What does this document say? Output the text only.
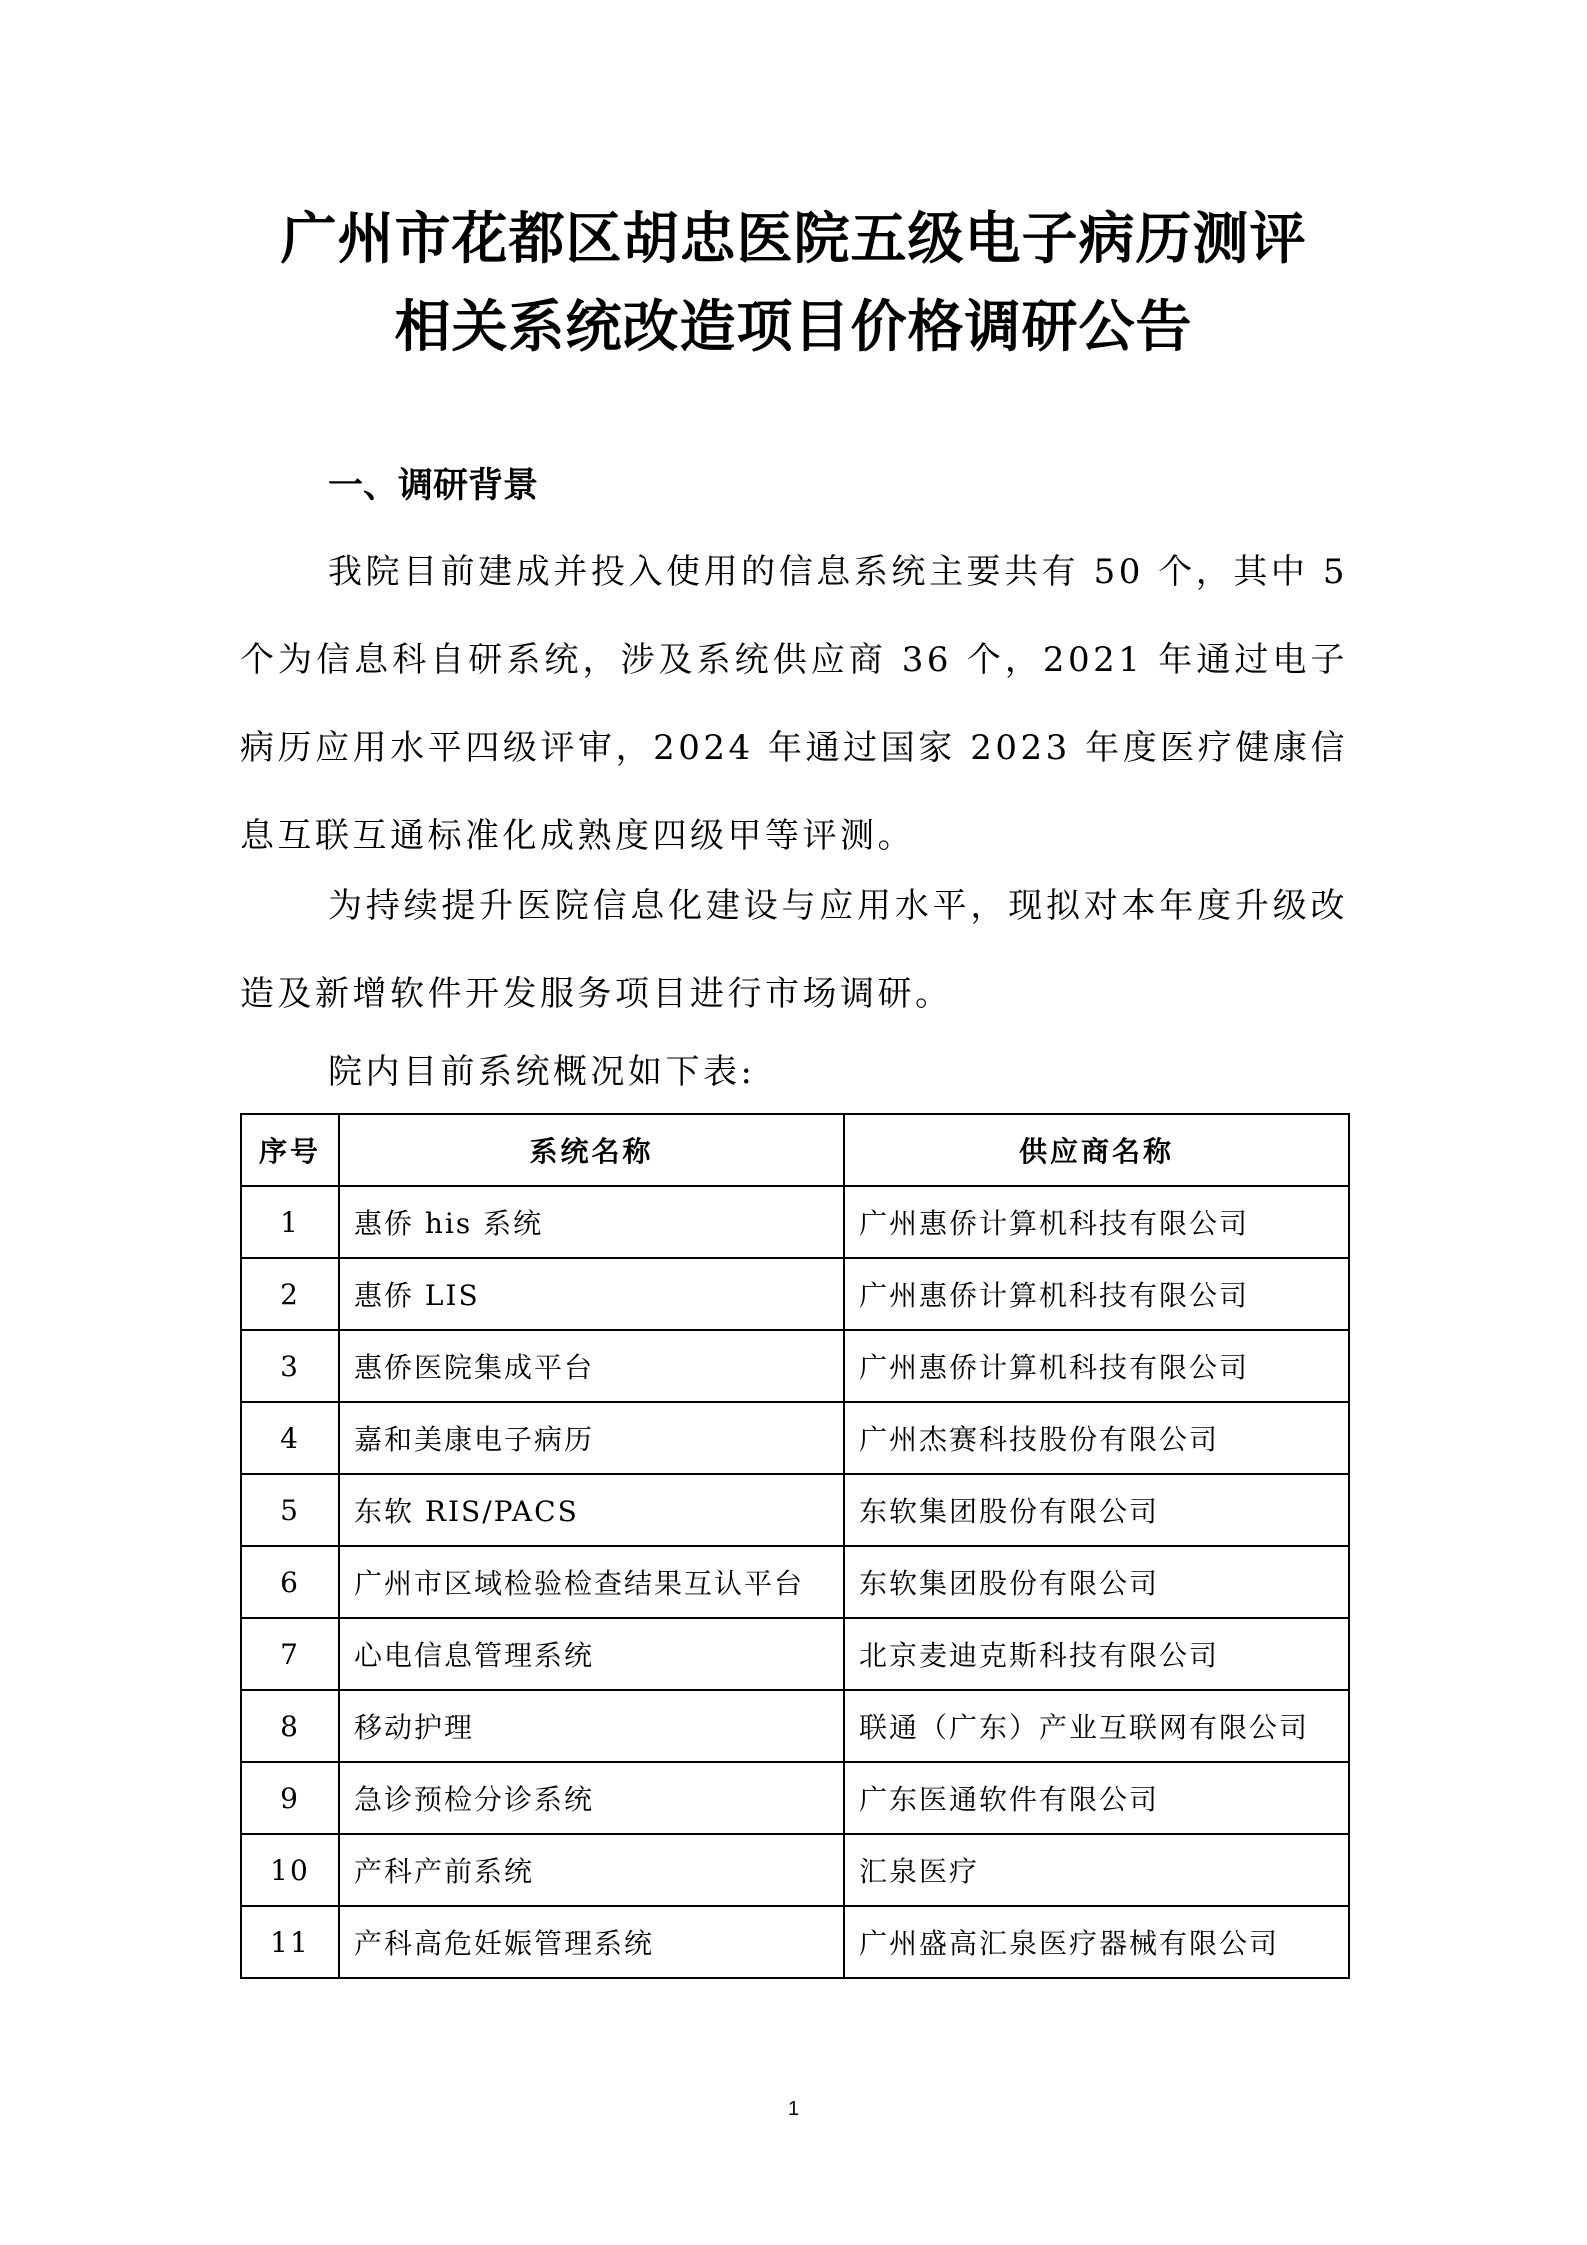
广州市花都区胡忠医院五级电子病历测评
相关系统改造项目价格调研公告
一、调研背景

我院目前建成并投入使用的信息系统主要共有 50 个，其中 5 个为信息科自研系统，涉及系统供应商 36 个，2021 年通过电子病历应用水平四级评审，2024 年通过国家 2023 年度医疗健康信息互联互通标准化成熟度四级甲等评测。

为持续提升医院信息化建设与应用水平，现拟对本年度升级改造及新增软件开发服务项目进行市场调研。

院内目前系统概况如下表:

序号	系统名称	供应商名称
1	惠侨 his 系统	广州惠侨计算机科技有限公司
2	惠侨 LIS	广州惠侨计算机科技有限公司
3	惠侨医院集成平台	广州惠侨计算机科技有限公司
4	嘉和美康电子病历	广州杰赛科技股份有限公司
5	东软 RIS/PACS	东软集团股份有限公司
6	广州市区域检验检查结果互认平台	东软集团股份有限公司
7	心电信息管理系统	北京麦迪克斯科技有限公司
8	移动护理	联通（广东）产业互联网有限公司
9	急诊预检分诊系统	广东医通软件有限公司
10	产科产前系统	汇泉医疗
11	产科高危妊娠管理系统	广州盛高汇泉医疗器械有限公司
1
